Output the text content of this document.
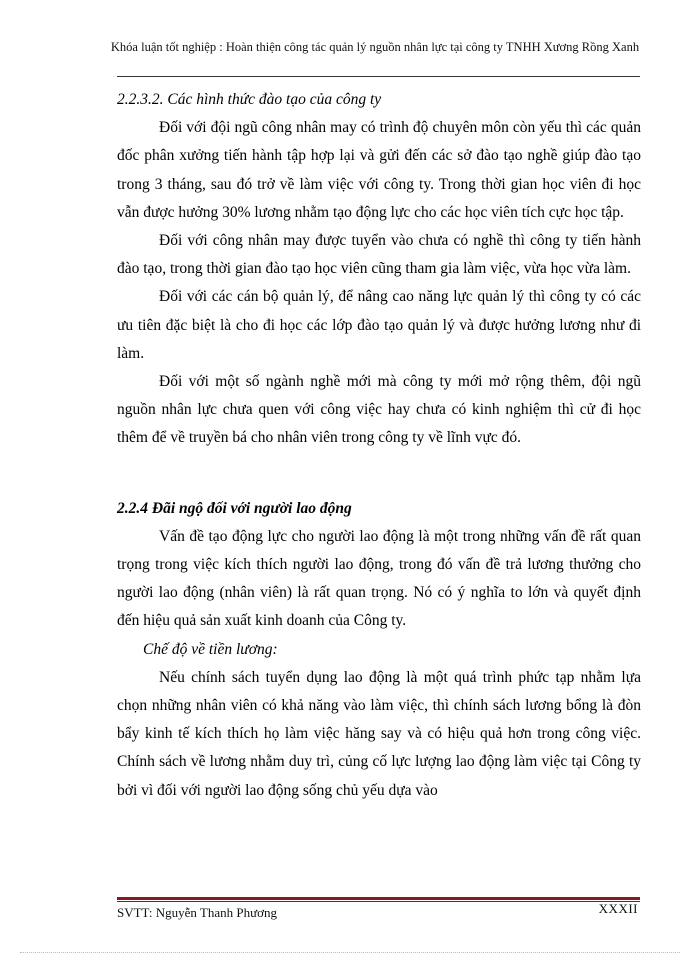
Khóa luận tốt nghiệp : Hoàn thiện công tác quản lý nguồn nhân lực tại công ty TNHH Xương Rồng Xanh

2.2.3.2. Các hình thức đào tạo của công ty

Đối với đội ngũ công nhân may có trình độ chuyên môn còn yếu thì các quản đốc phân xưởng tiến hành tập hợp lại và gửi đến các sở đào tạo nghề giúp đào tạo trong 3 tháng, sau đó trở về làm việc với công ty. Trong thời gian học viên đi học vẫn được hưởng 30% lương nhằm tạo động lực cho các học viên tích cực học tập.

Đối với công nhân may được tuyển vào chưa có nghề thì công ty tiến hành đào tạo, trong thời gian đào tạo học viên cũng tham gia làm việc, vừa học vừa làm.

Đối với các cán bộ quản lý, để nâng cao năng lực quản lý thì công ty có các ưu tiên đặc biệt là cho đi học các lớp đào tạo quản lý và được hưởng lương như đi làm.

Đối với một số ngành nghề mới mà công ty mới mở rộng thêm, đội ngũ nguồn nhân lực chưa quen với công việc hay chưa có kinh nghiệm thì cử đi học thêm để về truyền bá cho nhân viên trong công ty về lĩnh vực đó.

2.2.4 Đãi ngộ đối với người lao động

Vấn đề tạo động lực cho người lao động là một trong những vấn đề rất quan trọng trong việc kích thích người lao động, trong đó vấn đề trả lương thưởng cho người lao động (nhân viên) là rất quan trọng. Nó có ý nghĩa to lớn và quyết định đến hiệu quả sản xuất kinh doanh của Công ty.

Chế độ về tiền lương:

Nếu chính sách tuyển dụng lao động là một quá trình phức tạp nhằm lựa chọn những nhân viên có khả năng vào làm việc, thì chính sách lương bổng là đòn bẩy kinh tế kích thích họ làm việc hăng say và có hiệu quả hơn trong công việc. Chính sách về lương nhằm duy trì, củng cố lực lượng lao động làm việc tại Công ty bởi vì đối với người lao động sống chủ yếu dựa vào

SVTT: Nguyễn Thanh Phương	XXXII
